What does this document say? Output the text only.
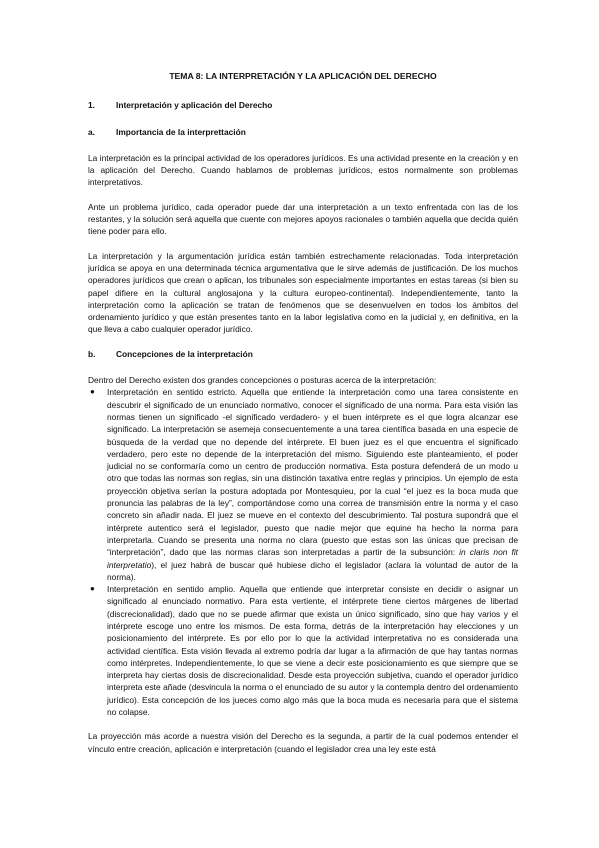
TEMA 8: LA INTERPRETACIÓN Y LA APLICACIÓN DEL DERECHO
1.	Interpretación y aplicación del Derecho
a.	Importancia de la interprettación

La interpretación es la principal actividad de los operadores jurídicos. Es una actividad presente en la creación y en la aplicación del Derecho. Cuando hablamos de problemas jurídicos, estos normalmente son problemas interpretativos.

Ante un problema jurídico, cada operador puede dar una interpretación a un texto enfrentada con las de los restantes, y la solución será aquella que cuente con mejores apoyos racionales o también aquella que decida quién tiene poder para ello.

La interpretación y la argumentación jurídica están también estrechamente relacionadas. Toda interpretación jurídica se apoya en una determinada técnica argumentativa que le sirve además de justificación. De los muchos operadores jurídicos que crean o aplican, los tribunales son especialmente importantes en estas tareas (si bien su papel difiere en la cultural anglosajona y la cultura europeo-continental). Independientemente, tanto la interpretación como la aplicación se tratan de fenómenos que se desenvuelven en todos los ámbitos del ordenamiento jurídico y que están presentes tanto en la labor legislativa como en la judicial y, en definitiva, en la que lleva a cabo cualquier operador jurídico.

b.	Concepciones de la interpretación
Dentro del Derecho existen dos grandes concepciones o posturas acerca de la interpretación:
● Interpretación en sentido estricto. Aquella que entiende la interpretación como una tarea consistente en descubrir el significado de un enunciado normativo, conocer el significado de una norma. Para esta visión las normas tienen un significado -el significado verdadero- y el buen intérprete es el que logra alcanzar ese significado. La interpretación se asemeja consecuentemente a una tarea científica basada en una especie de búsqueda de la verdad que no depende del intérprete. El buen juez es el que encuentra el significado verdadero, pero este no depende de la interpretación del mismo. Siguiendo este planteamiento, el poder judicial no se conformaría como un centro de producción normativa. Esta postura defenderá de un modo u otro que todas las normas son reglas, sin una distinción taxativa entre reglas y principios. Un ejemplo de esta proyección objetiva serían la postura adoptada por Montesquieu, por la cual “el juez es la boca muda que pronuncia las palabras de la ley”, comportándose como una correa de transmisión entre la norma y el caso concreto sin añadir nada. El juez se mueve en el contexto del descubrimiento. Tal postura supondrá que el intérprete autentico será el legislador, puesto que nadie mejor que equine ha hecho la norma para interpretarla. Cuando se presenta una norma no clara (puesto que estas son las únicas que precisan de “interpretación”, dado que las normas claras son interpretadas a partir de la subsunción: in claris non fit interpretatio), el juez habrá de buscar qué hubiese dicho el legislador (aclara la voluntad de autor de la norma).
● Interpretación en sentido amplio. Aquella que entiende que interpretar consiste en decidir o asignar un significado al enunciado normativo. Para esta vertiente, el intérprete tiene ciertos márgenes de libertad (discrecionalidad), dado que no se puede afirmar que exista un único significado, sino que hay varios y el intérprete escoge uno entre los mismos. De esta forma, detrás de la interpretación hay elecciones y un posicionamiento del intérprete. Es por ello por lo que la actividad interpretativa no es considerada una actividad científica. Esta visión llevada al extremo podría dar lugar a la afirmación de que hay tantas normas como intérpretes. Independientemente, lo que se viene a decir este posicionamiento es que siempre que se interpreta hay ciertas dosis de discrecionalidad. Desde esta proyección subjetiva, cuando el operador jurídico interpreta este añade (desvincula la norma o el enunciado de su autor y la contempla dentro del ordenamiento jurídico). Esta concepción de los jueces como algo más que la boca muda es necesaria para que el sistema no colapse.

La proyección más acorde a nuestra visión del Derecho es la segunda, a partir de la cual podemos entender el vínculo entre creación, aplicación e interpretación (cuando el legislador crea una ley este está
